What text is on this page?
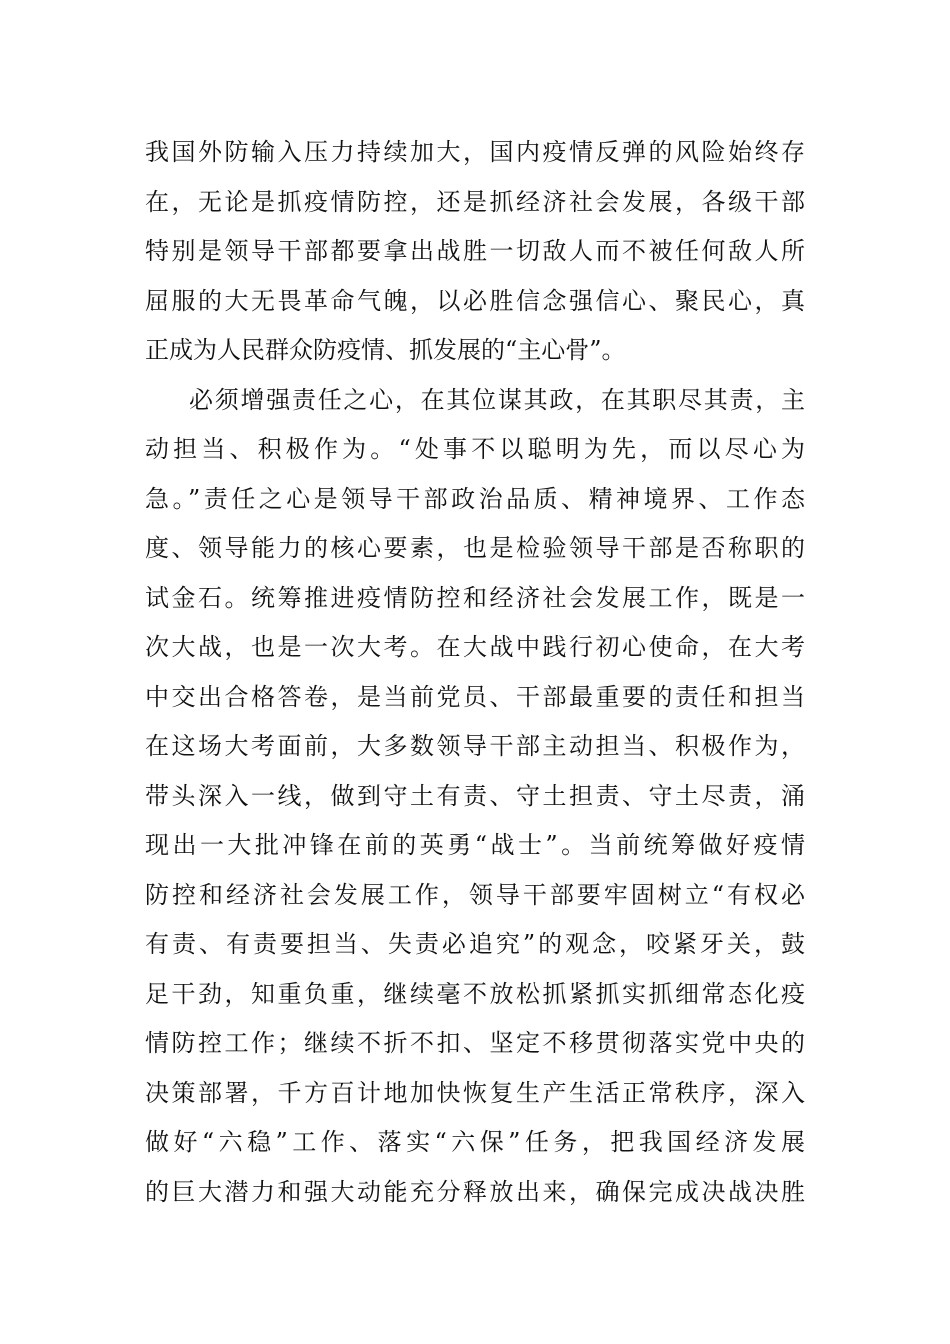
我国外防输入压力持续加大，国内疫情反弹的风险始终存
在，无论是抓疫情防控，还是抓经济社会发展，各级干部
特别是领导干部都要拿出战胜一切敌人而不被任何敌人所
屈服的大无畏革命气魄，以必胜信念强信心、聚民心，真
正成为人民群众防疫情、抓发展的“主心骨”。
必须增强责任之心，在其位谋其政，在其职尽其责，主
动担当、积极作为。“处事不以聪明为先，而以尽心为
急。”责任之心是领导干部政治品质、精神境界、工作态
度、领导能力的核心要素，也是检验领导干部是否称职的
试金石。统筹推进疫情防控和经济社会发展工作，既是一
次大战，也是一次大考。在大战中践行初心使命，在大考
中交出合格答卷，是当前党员、干部最重要的责任和担当
在这场大考面前，大多数领导干部主动担当、积极作为，
带头深入一线，做到守土有责、守土担责、守土尽责，涌
现出一大批冲锋在前的英勇“战士”。当前统筹做好疫情
防控和经济社会发展工作，领导干部要牢固树立“有权必
有责、有责要担当、失责必追究”的观念，咬紧牙关，鼓
足干劲，知重负重，继续毫不放松抓紧抓实抓细常态化疫
情防控工作；继续不折不扣、坚定不移贯彻落实党中央的
决策部署，千方百计地加快恢复生产生活正常秩序，深入
做好“六稳”工作、落实“六保”任务，把我国经济发展
的巨大潜力和强大动能充分释放出来，确保完成决战决胜
